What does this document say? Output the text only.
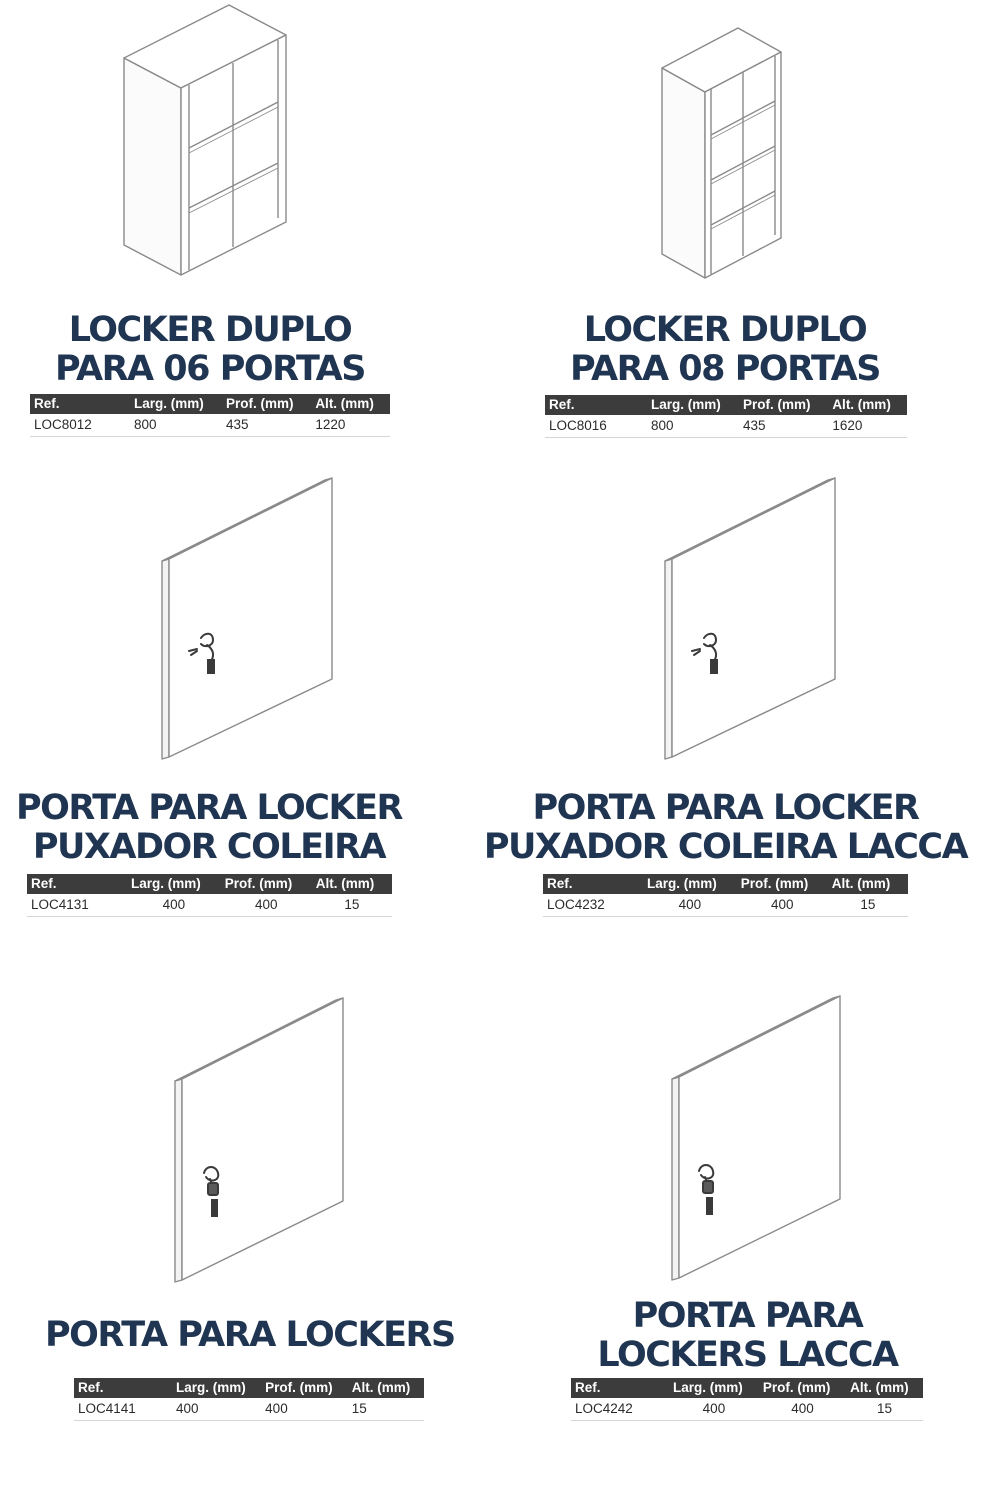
LOCKER DUPLO
PARA 06 PORTAS
Ref.	Larg. (mm)	Prof. (mm)	Alt. (mm)
LOC8012	800	435	1220
LOCKER DUPLO
PARA 08 PORTAS
Ref.	Larg. (mm)	Prof. (mm)	Alt. (mm)
LOC8016	800	435	1620
PORTA PARA LOCKER
PUXADOR COLEIRA
Ref.	Larg. (mm)	Prof. (mm)	Alt. (mm)
LOC4131	400	400	15
PORTA PARA LOCKER
PUXADOR COLEIRA LACCA
Ref.	Larg. (mm)	Prof. (mm)	Alt. (mm)
LOC4232	400	400	15
PORTA PARA LOCKERS
Ref.	Larg. (mm)	Prof. (mm)	Alt. (mm)
LOC4141	400	400	15
PORTA PARA
LOCKERS LACCA
Ref.	Larg. (mm)	Prof. (mm)	Alt. (mm)
LOC4242	400	400	15
